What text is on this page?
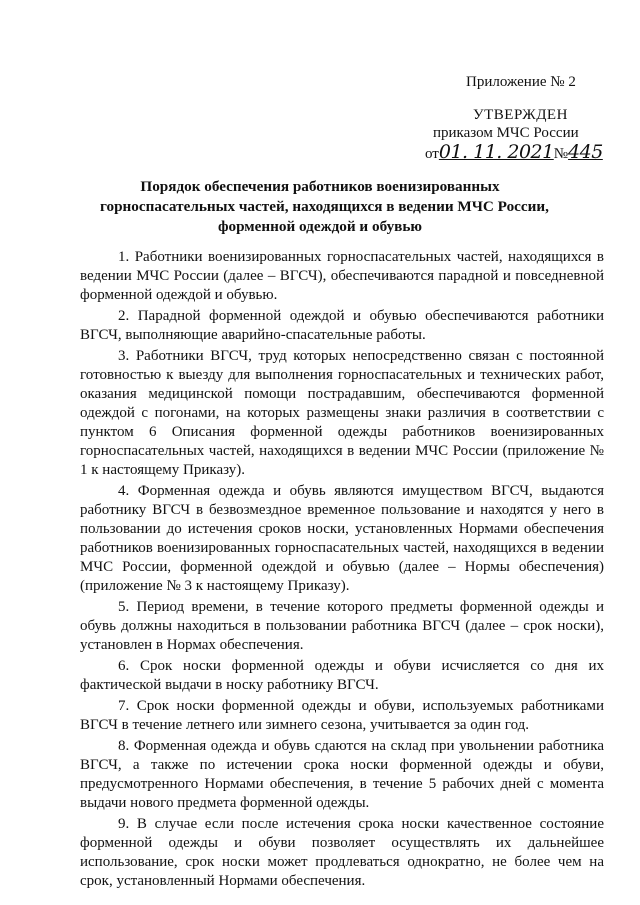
Приложение № 2
УТВЕРЖДЕН
приказом МЧС России
от01. 11. 2021№445
Порядок обеспечения работников военизированных
горноспасательных частей, находящихся в ведении МЧС России,
форменной одеждой и обувью

1. Работники военизированных горноспасательных частей, находящихся в ведении МЧС России (далее – ВГСЧ), обеспечиваются парадной и повседневной форменной одеждой и обувью.

2. Парадной форменной одеждой и обувью обеспечиваются работники ВГСЧ, выполняющие аварийно-спасательные работы.

3. Работники ВГСЧ, труд которых непосредственно связан с постоянной готовностью к выезду для выполнения горноспасательных и технических работ, оказания медицинской помощи пострадавшим, обеспечиваются форменной одеждой с погонами, на которых размещены знаки различия в соответствии с пунктом 6 Описания форменной одежды работников военизированных горноспасательных частей, находящихся в ведении МЧС России (приложение № 1 к настоящему Приказу).

4. Форменная одежда и обувь являются имуществом ВГСЧ, выдаются работнику ВГСЧ в безвозмездное временное пользование и находятся у него в пользовании до истечения сроков носки, установленных Нормами обеспечения работников военизированных горноспасательных частей, находящихся в ведении МЧС России, форменной одеждой и обувью (далее – Нормы обеспечения) (приложение № 3 к настоящему Приказу).

5. Период времени, в течение которого предметы форменной одежды и обувь должны находиться в пользовании работника ВГСЧ (далее – срок носки), установлен в Нормах обеспечения.

6. Срок носки форменной одежды и обуви исчисляется со дня их фактической выдачи в носку работнику ВГСЧ.

7. Срок носки форменной одежды и обуви, используемых работниками ВГСЧ в течение летнего или зимнего сезона, учитывается за один год.

8. Форменная одежда и обувь сдаются на склад при увольнении работника ВГСЧ, а также по истечении срока носки форменной одежды и обуви, предусмотренного Нормами обеспечения, в течение 5 рабочих дней с момента выдачи нового предмета форменной одежды.

9. В случае если после истечения срока носки качественное состояние форменной одежды и обуви позволяет осуществлять их дальнейшее использование, срок носки может продлеваться однократно, не более чем на срок, установленный Нормами обеспечения.
